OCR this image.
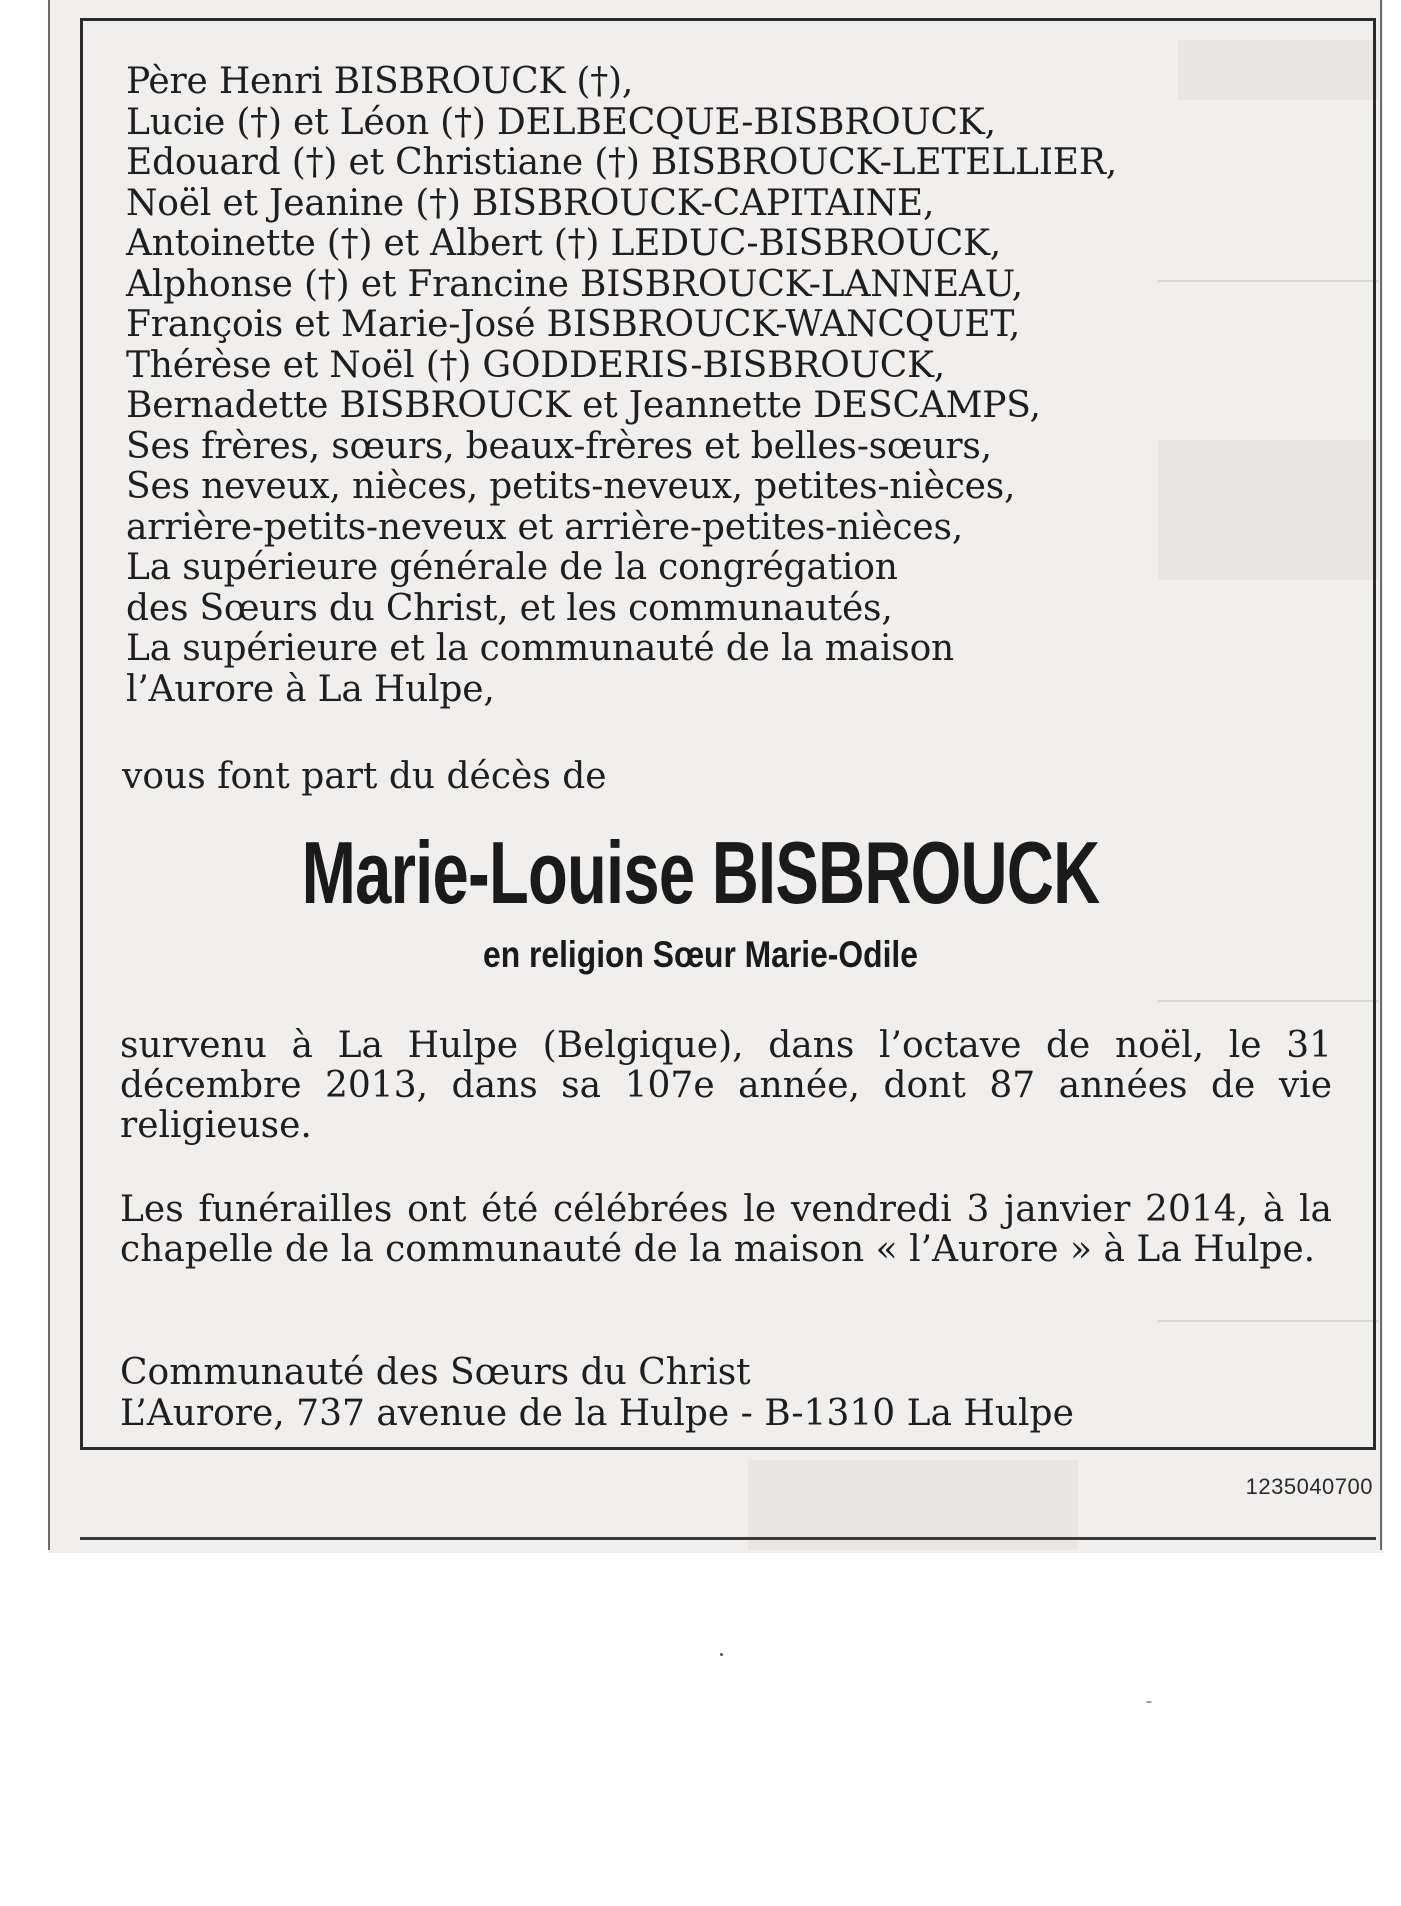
Père Henri BISBROUCK (†),
Lucie (†) et Léon (†) DELBECQUE-BISBROUCK,
Edouard (†) et Christiane (†) BISBROUCK-LETELLIER,
Noël et Jeanine (†) BISBROUCK-CAPITAINE,
Antoinette (†) et Albert (†) LEDUC-BISBROUCK,
Alphonse (†) et Francine BISBROUCK-LANNEAU,
François et Marie-José BISBROUCK-WANCQUET,
Thérèse et Noël (†) GODDERIS-BISBROUCK,
Bernadette BISBROUCK et Jeannette DESCAMPS,
Ses frères, sœurs, beaux-frères et belles-sœurs,
Ses neveux, nièces, petits-neveux, petites-nièces,
arrière-petits-neveux et arrière-petites-nièces,
La supérieure générale de la congrégation
des Sœurs du Christ, et les communautés,
La supérieure et la communauté de la maison
l’Aurore à La Hulpe,
vous font part du décès de
Marie-Louise BISBROUCK
en religion Sœur Marie-Odile

survenu à La Hulpe (Belgique), dans l’octave de noël, le 31 décembre 2013, dans sa 107e année, dont 87 années de vie religieuse.

Les funérailles ont été célébrées le vendredi 3 janvier 2014, à la chapelle de la communauté de la maison « l’Aurore » à La Hulpe.

Communauté des Sœurs du Christ
L’Aurore, 737 avenue de la Hulpe - B-1310 La Hulpe
1235040700
